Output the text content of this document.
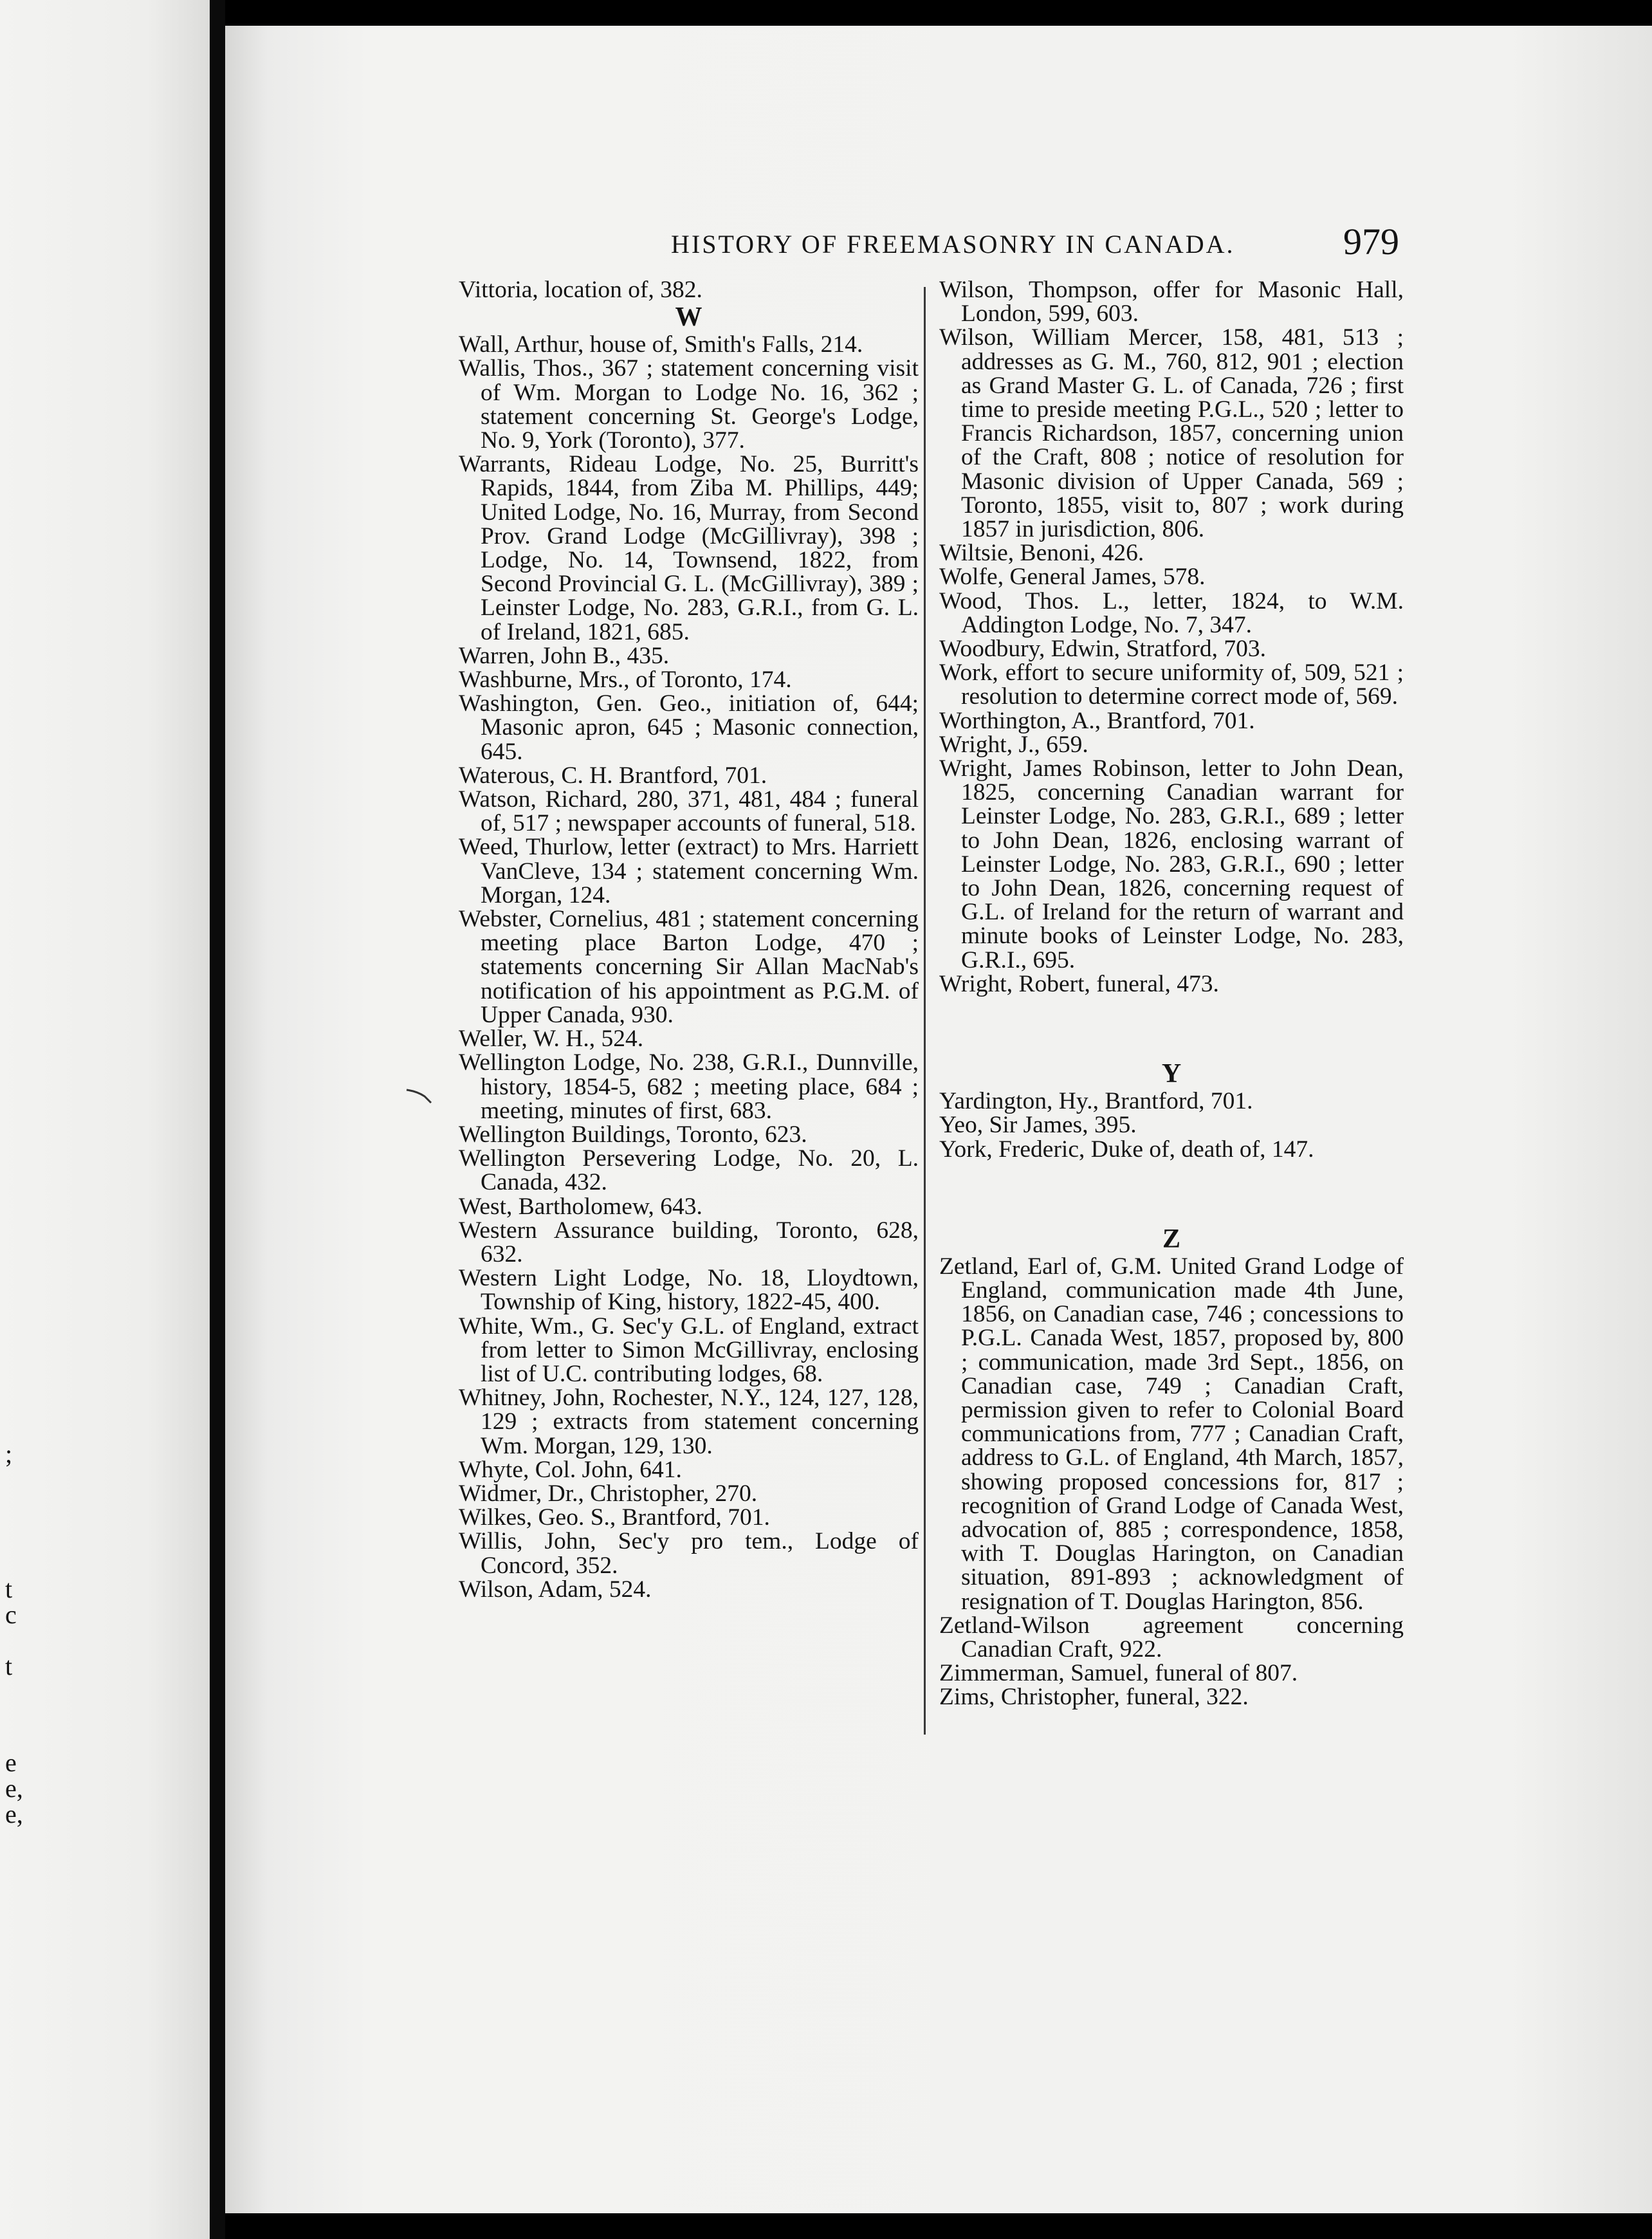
;
t
c
t
e
e,
e,
HISTORY OF FREEMASONRY IN CANADA.	979

Vittoria, location of, 382.

W

Wall, Arthur, house of, Smith's Falls, 214.

Wallis, Thos., 367 ; statement concerning visit of Wm. Morgan to Lodge No. 16, 362 ; statement concerning St. George's Lodge, No. 9, York (Toronto), 377.

Warrants, Rideau Lodge, No. 25, Burritt's Rapids, 1844, from Ziba M. Phillips, 449; United Lodge, No. 16, Murray, from Second Prov. Grand Lodge (McGillivray), 398 ; Lodge, No. 14, Townsend, 1822, from Second Provincial G. L. (McGillivray), 389 ; Leinster Lodge, No. 283, G.R.I., from G. L. of Ireland, 1821, 685.

Warren, John B., 435.

Washburne, Mrs., of Toronto, 174.

Washington, Gen. Geo., initiation of, 644; Masonic apron, 645 ; Masonic connection, 645.

Waterous, C. H. Brantford, 701.

Watson, Richard, 280, 371, 481, 484 ; funeral of, 517 ; newspaper accounts of funeral, 518.

Weed, Thurlow, letter (extract) to Mrs. Harriett VanCleve, 134 ; statement concerning Wm. Morgan, 124.

Webster, Cornelius, 481 ; statement concerning meeting place Barton Lodge, 470 ; statements concerning Sir Allan MacNab's notification of his appointment as P.G.M. of Upper Canada, 930.

Weller, W. H., 524.

Wellington Lodge, No. 238, G.R.I., Dunnville, history, 1854-5, 682 ; meeting place, 684 ; meeting, minutes of first, 683.

Wellington Buildings, Toronto, 623.

Wellington Persevering Lodge, No. 20, L. Canada, 432.

West, Bartholomew, 643.

Western Assurance building, Toronto, 628, 632.

Western Light Lodge, No. 18, Lloydtown, Township of King, history, 1822-45, 400.

White, Wm., G. Sec'y G.L. of England, extract from letter to Simon McGillivray, enclosing list of U.C. contributing lodges, 68.

Whitney, John, Rochester, N.Y., 124, 127, 128, 129 ; extracts from statement concerning Wm. Morgan, 129, 130.

Whyte, Col. John, 641.

Widmer, Dr., Christopher, 270.

Wilkes, Geo. S., Brantford, 701.

Willis, John, Sec'y pro tem., Lodge of Concord, 352.

Wilson, Adam, 524.

Wilson, Thompson, offer for Masonic Hall, London, 599, 603.

Wilson, William Mercer, 158, 481, 513 ; addresses as G. M., 760, 812, 901 ; election as Grand Master G. L. of Canada, 726 ; first time to preside meeting P.G.L., 520 ; letter to Francis Richardson, 1857, concerning union of the Craft, 808 ; notice of resolution for Masonic division of Upper Canada, 569 ; Toronto, 1855, visit to, 807 ; work during 1857 in jurisdiction, 806.

Wiltsie, Benoni, 426.

Wolfe, General James, 578.

Wood, Thos. L., letter, 1824, to W.M. Addington Lodge, No. 7, 347.

Woodbury, Edwin, Stratford, 703.

Work, effort to secure uniformity of, 509, 521 ; resolution to determine correct mode of, 569.

Worthington, A., Brantford, 701.

Wright, J., 659.

Wright, James Robinson, letter to John Dean, 1825, concerning Canadian warrant for Leinster Lodge, No. 283, G.R.I., 689 ; letter to John Dean, 1826, enclosing warrant of Leinster Lodge, No. 283, G.R.I., 690 ; letter to John Dean, 1826, concerning request of G.L. of Ireland for the return of warrant and minute books of Leinster Lodge, No. 283, G.R.I., 695.

Wright, Robert, funeral, 473.

Y

Yardington, Hy., Brantford, 701.

Yeo, Sir James, 395.

York, Frederic, Duke of, death of, 147.

Z

Zetland, Earl of, G.M. United Grand Lodge of England, communication made 4th June, 1856, on Canadian case, 746 ; concessions to P.G.L. Canada West, 1857, proposed by, 800 ; communication, made 3rd Sept., 1856, on Canadian case, 749 ; Canadian Craft, permission given to refer to Colonial Board communications from, 777 ; Canadian Craft, address to G.L. of England, 4th March, 1857, showing proposed concessions for, 817 ; recognition of Grand Lodge of Canada West, advocation of, 885 ; correspondence, 1858, with T. Douglas Harington, on Canadian situation, 891-893 ; acknowledgment of resignation of T. Douglas Harington, 856.

Zetland-Wilson agreement concerning Canadian Craft, 922.

Zimmerman, Samuel, funeral of 807.

Zims, Christopher, funeral, 322.
